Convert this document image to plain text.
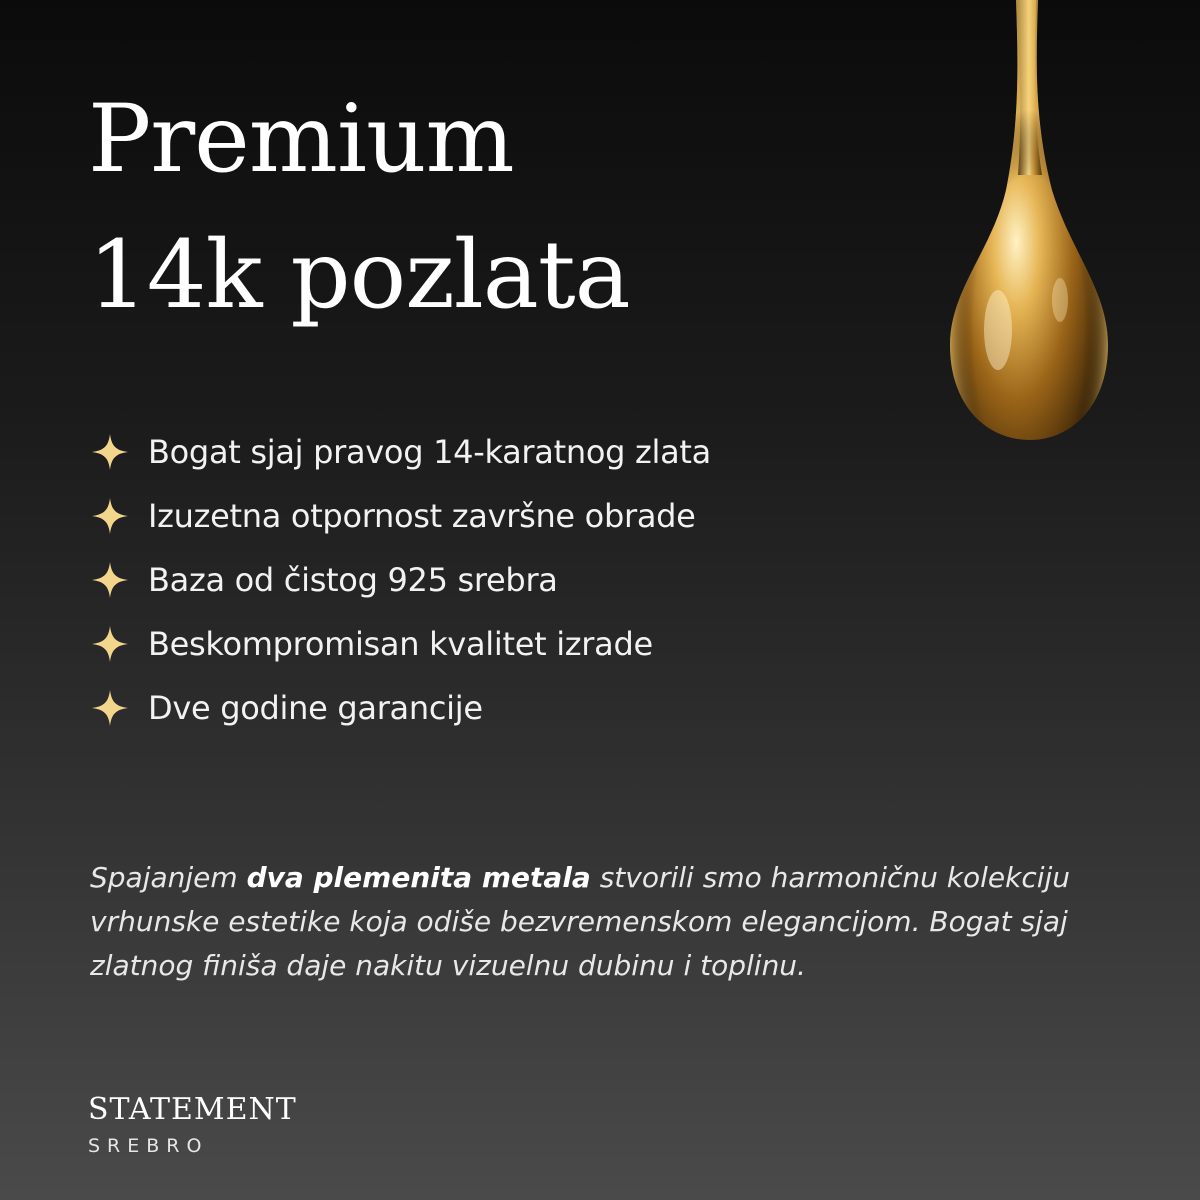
Premium
14k pozlata
Bogat sjaj pravog 14-karatnog zlata
Izuzetna otpornost završne obrade
Baza od čistog 925 srebra
Beskompromisan kvalitet izrade
Dve godine garancije

Spajanjem dva plemenita metala stvorili smo harmoničnu kolekciju vrhunske estetike koja odiše bezvremenskom elegancijom. Bogat sjaj zlatnog finiša daje nakitu vizuelnu dubinu i toplinu.

STATEMENT
SREBRO
